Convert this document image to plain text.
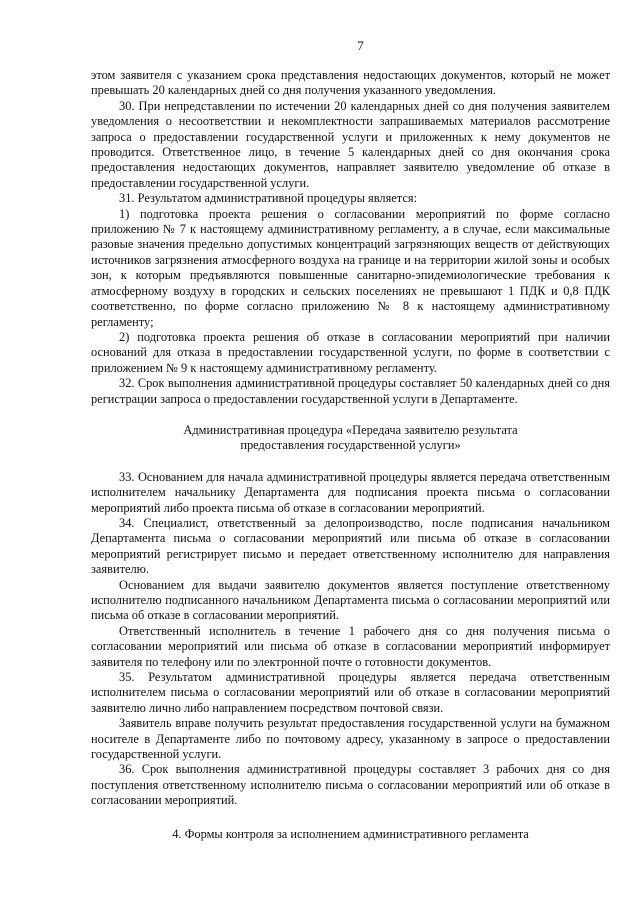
7

этом заявителя с указанием срока представления недостающих документов, который не может превышать 20 календарных дней со дня получения указанного уведомления.

30. При непредставлении по истечении 20 календарных дней со дня получения заявителем уведомления о несоответствии и некомплектности запрашиваемых материалов рассмотрение запроса о предоставлении государственной услуги и приложенных к нему документов не проводится. Ответственное лицо, в течение 5 календарных дней со дня окончания срока предоставления недостающих документов, направляет заявителю уведомление об отказе в предоставлении государственной услуги.

31. Результатом административной процедуры является:

1) подготовка проекта решения о согласовании мероприятий по форме согласно приложению № 7 к настоящему административному регламенту, а в случае, если максимальные разовые значения предельно допустимых концентраций загрязняющих веществ от действующих источников загрязнения атмосферного воздуха на границе и на территории жилой зоны и особых зон, к которым предъявляются повышенные санитарно-эпидемиологические требования к атмосферному воздуху в городских и сельских поселениях не превышают 1 ПДК и 0,8 ПДК соответственно, по форме согласно приложению № 8 к настоящему административному регламенту;

2) подготовка проекта решения об отказе в согласовании мероприятий при наличии оснований для отказа в предоставлении государственной услуги, по форме в соответствии с приложением № 9 к настоящему административному регламенту.

32. Срок выполнения административной процедуры составляет 50 календарных дней со дня регистрации запроса о предоставлении государственной услуги в Департаменте.

Административная процедура «Передача заявителю результата
предоставления государственной услуги»

33. Основанием для начала административной процедуры является передача ответственным исполнителем начальнику Департамента для подписания проекта письма о согласовании мероприятий либо проекта письма об отказе в согласовании мероприятий.

34. Специалист, ответственный за делопроизводство, после подписания начальником Департамента письма о согласовании мероприятий или письма об отказе в согласовании мероприятий регистрирует письмо и передает ответственному исполнителю для направления заявителю.

Основанием для выдачи заявителю документов является поступление ответственному исполнителю подписанного начальником Департамента письма о согласовании мероприятий или письма об отказе в согласовании мероприятий.

Ответственный исполнитель в течение 1 рабочего дня со дня получения письма о согласовании мероприятий или письма об отказе в согласовании мероприятий информирует заявителя по телефону или по электронной почте о готовности документов.

35. Результатом административной процедуры является передача ответственным исполнителем письма о согласовании мероприятий или об отказе в согласовании мероприятий заявителю лично либо направлением посредством почтовой связи.

Заявитель вправе получить результат предоставления государственной услуги на бумажном носителе в Департаменте либо по почтовому адресу, указанному в запросе о предоставлении государственной услуги.

36. Срок выполнения административной процедуры составляет 3 рабочих дня со дня поступления ответственному исполнителю письма о согласовании мероприятий или об отказе в согласовании мероприятий.

4. Формы контроля за исполнением административного регламента
